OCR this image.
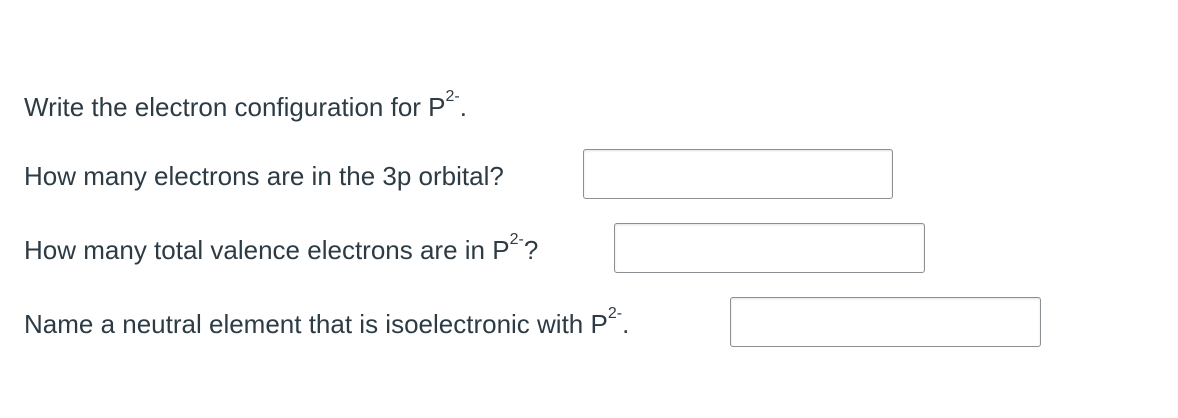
Write the electron configuration for $P^{2-}$ .
How many electrons are in the 3p orbital?
How many total valence electrons are in $P^{2-}$ ?
Name a neutral element that is isoelectronic with $P^{2-}$ .
